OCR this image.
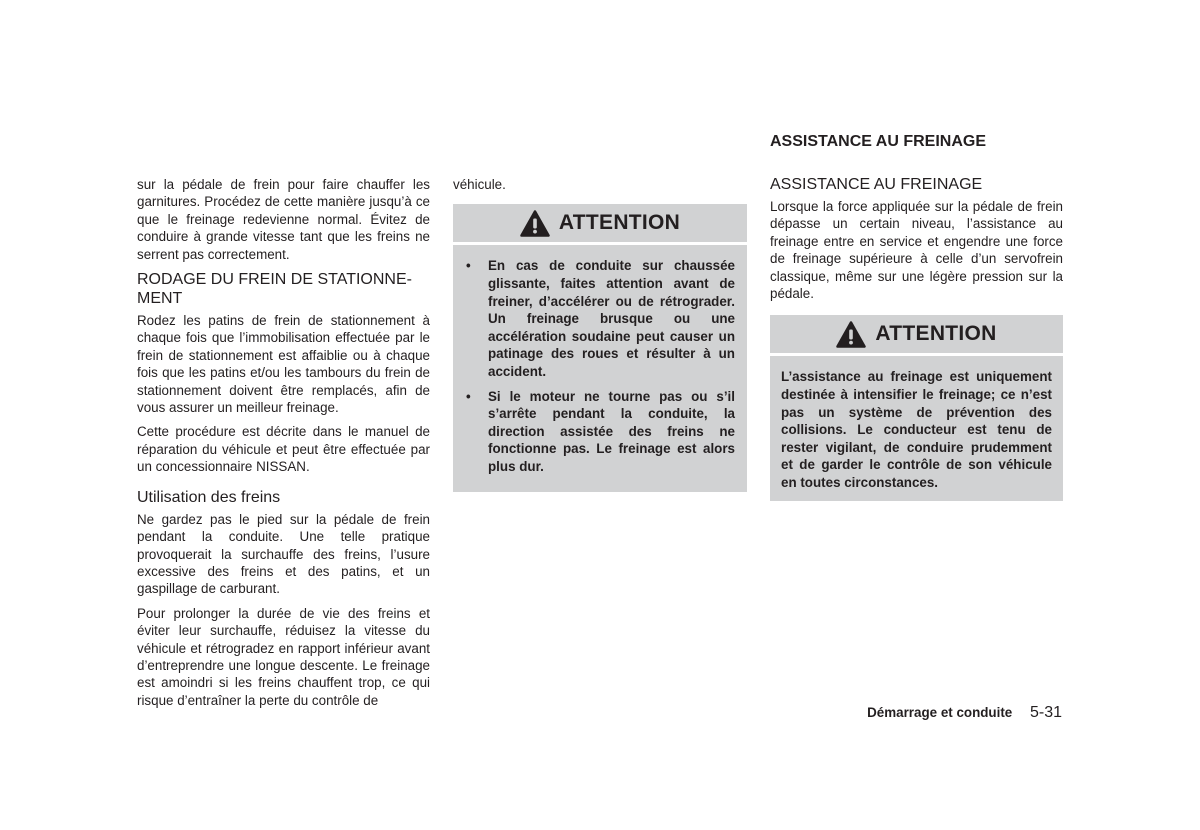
sur la pédale de frein pour faire chauffer les garnitures. Procédez de cette manière jusqu’à ce que le freinage redevienne normal. Évitez de conduire à grande vitesse tant que les freins ne serrent pas correctement.

RODAGE DU FREIN DE STATIONNE-MENT

Rodez les patins de frein de stationnement à chaque fois que l’immobilisation effectuée par le frein de stationnement est affaiblie ou à chaque fois que les patins et/ou les tambours du frein de stationnement doivent être remplacés, afin de vous assurer un meilleur freinage.

Cette procédure est décrite dans le manuel de réparation du véhicule et peut être effectuée par un concessionnaire NISSAN.

Utilisation des freins

Ne gardez pas le pied sur la pédale de frein pendant la conduite. Une telle pratique provoquerait la surchauffe des freins, l’usure excessive des freins et des patins, et un gaspillage de carburant.

Pour prolonger la durée de vie des freins et éviter leur surchauffe, réduisez la vitesse du véhicule et rétrogradez en rapport inférieur avant d’entreprendre une longue descente. Le freinage est amoindri si les freins chauffent trop, ce qui risque d’entraîner la perte du contrôle de

véhicule.

ATTENTION
• En cas de conduite sur chaussée glissante, faites attention avant de freiner, d’accélérer ou de rétrograder. Un freinage brusque ou une accélération soudaine peut causer un patinage des roues et résulter à un accident.
• Si le moteur ne tourne pas ou s’il s’arrête pendant la conduite, la direction assistée des freins ne fonctionne pas. Le freinage est alors plus dur.
ASSISTANCE AU FREINAGE
ASSISTANCE AU FREINAGE

Lorsque la force appliquée sur la pédale de frein dépasse un certain niveau, l’assistance au freinage entre en service et engendre une force de freinage supérieure à celle d’un servofrein classique, même sur une légère pression sur la pédale.

ATTENTION

L’assistance au freinage est uniquement destinée à intensifier le freinage; ce n’est pas un système de prévention des collisions. Le conducteur est tenu de rester vigilant, de conduire prudemment et de garder le contrôle de son véhicule en toutes circonstances.

Démarrage et conduite 5-31
